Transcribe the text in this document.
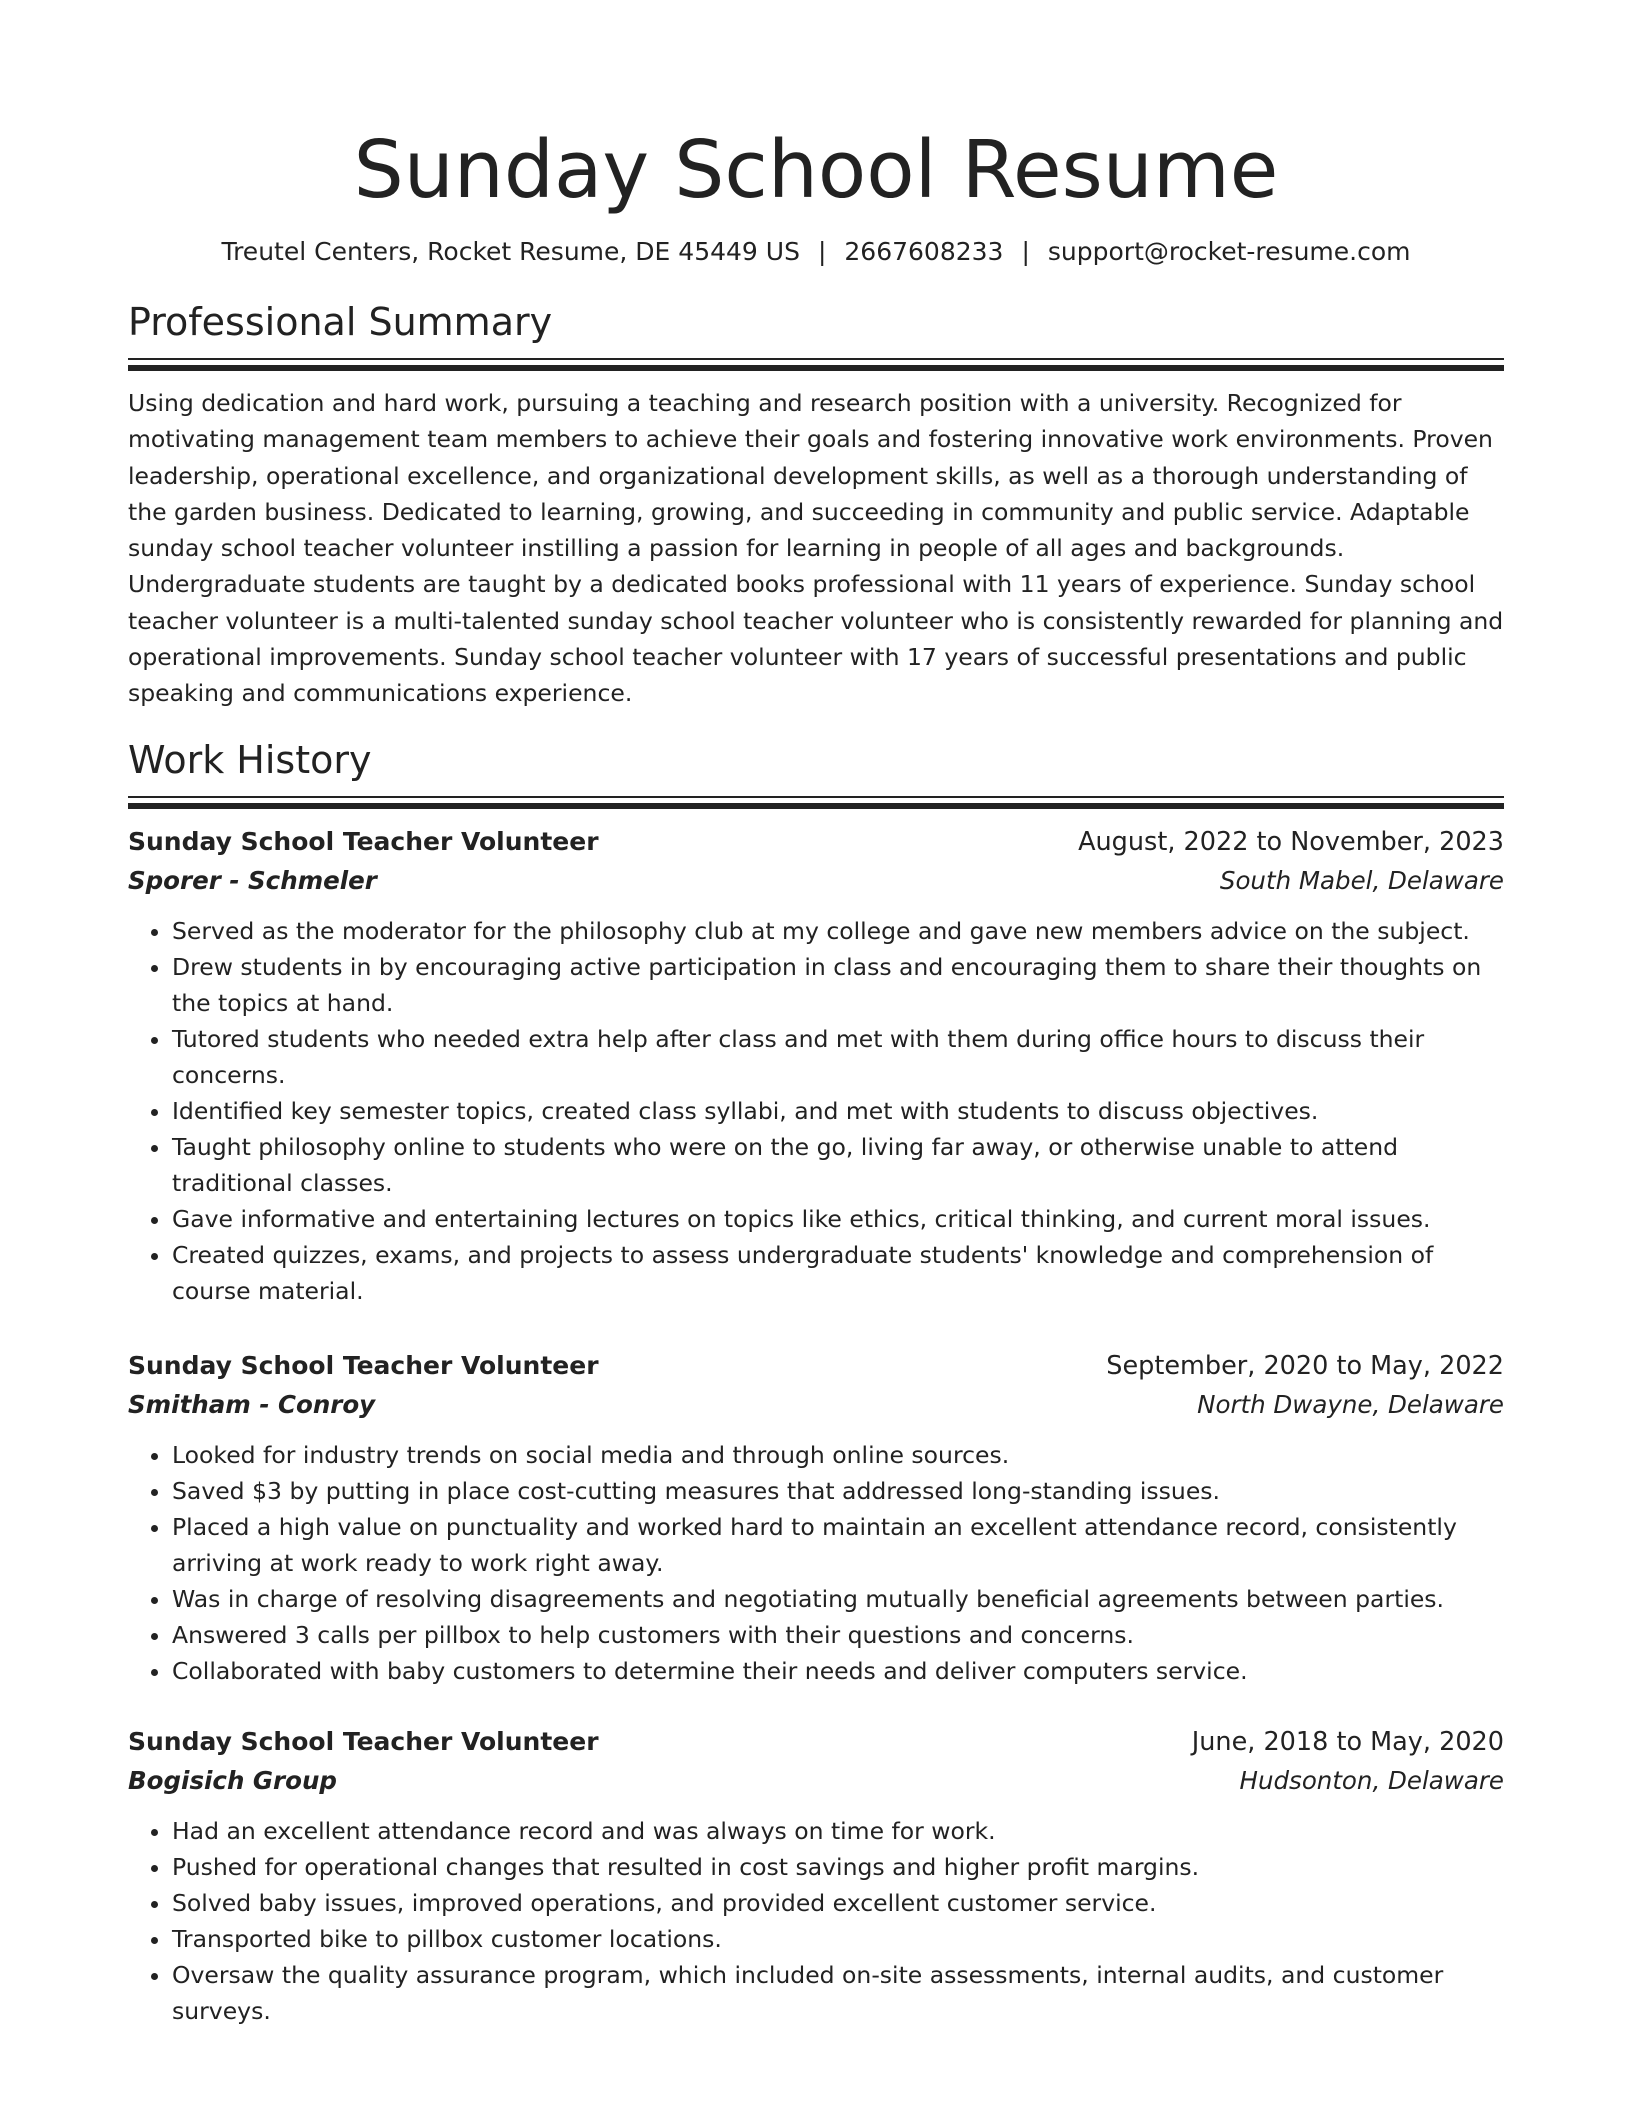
Sunday School Resume
Treutel Centers, Rocket Resume, DE 45449 US | 2667608233 | support@rocket-resume.com
Professional Summary
Using dedication and hard work, pursuing a teaching and research position with a university. Recognized for motivating management team members to achieve their goals and fostering innovative work environments. Proven leadership, operational excellence, and organizational development skills, as well as a thorough understanding of the garden business. Dedicated to learning, growing, and succeeding in community and public service. Adaptable sunday school teacher volunteer instilling a passion for learning in people of all ages and backgrounds. Undergraduate students are taught by a dedicated books professional with 11 years of experience. Sunday school teacher volunteer is a multi-talented sunday school teacher volunteer who is consistently rewarded for planning and operational improvements. Sunday school teacher volunteer with 17 years of successful presentations and public speaking and communications experience.
Work History
Sunday School Teacher Volunteer	August, 2022 to November, 2023
Sporer - Schmeler	South Mabel, Delaware
• Served as the moderator for the philosophy club at my college and gave new members advice on the subject.
• Drew students in by encouraging active participation in class and encouraging them to share their thoughts on the topics at hand.
• Tutored students who needed extra help after class and met with them during office hours to discuss their concerns.
• Identified key semester topics, created class syllabi, and met with students to discuss objectives.
• Taught philosophy online to students who were on the go, living far away, or otherwise unable to attend traditional classes.
• Gave informative and entertaining lectures on topics like ethics, critical thinking, and current moral issues.
• Created quizzes, exams, and projects to assess undergraduate students' knowledge and comprehension of course material.
Sunday School Teacher Volunteer	September, 2020 to May, 2022
Smitham - Conroy	North Dwayne, Delaware
• Looked for industry trends on social media and through online sources.
• Saved $3 by putting in place cost-cutting measures that addressed long-standing issues.
• Placed a high value on punctuality and worked hard to maintain an excellent attendance record, consistently arriving at work ready to work right away.
• Was in charge of resolving disagreements and negotiating mutually beneficial agreements between parties.
• Answered 3 calls per pillbox to help customers with their questions and concerns.
• Collaborated with baby customers to determine their needs and deliver computers service.
Sunday School Teacher Volunteer	June, 2018 to May, 2020
Bogisich Group	Hudsonton, Delaware
• Had an excellent attendance record and was always on time for work.
• Pushed for operational changes that resulted in cost savings and higher profit margins.
• Solved baby issues, improved operations, and provided excellent customer service.
• Transported bike to pillbox customer locations.
• Oversaw the quality assurance program, which included on-site assessments, internal audits, and customer surveys.
